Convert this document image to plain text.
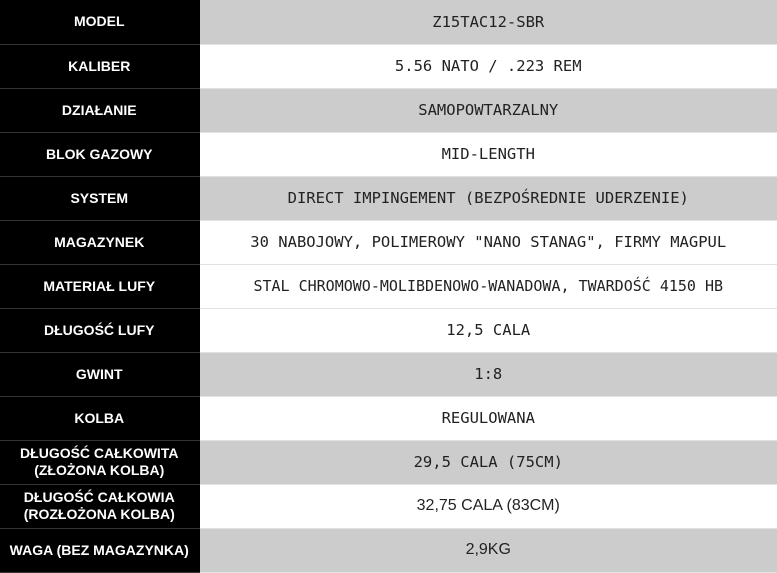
MODEL	Z15TAC12-SBR
KALIBER	5.56 NATO / .223 REM
DZIAŁANIE	SAMOPOWTARZALNY
BLOK GAZOWY	MID-LENGTH
SYSTEM	DIRECT IMPINGEMENT (BEZPOŚREDNIE UDERZENIE)
MAGAZYNEK	30 NABOJOWY, POLIMEROWY "NANO STANAG", FIRMY MAGPUL
MATERIAŁ LUFY	STAL CHROMOWO-MOLIBDENOWO-WANADOWA, TWARDOŚĆ 4150 HB
DŁUGOŚĆ LUFY	12,5 CALA
GWINT	1:8
KOLBA	REGULOWANA

DŁUGOŚĆ CAŁKOWITA
(ZŁOŻONA KOLBA)	29,5 CALA (75CM)

DŁUGOŚĆ CAŁKOWIA
(ROZŁOŻONA KOLBA)	32,75 CALA (83CM)
WAGA (BEZ MAGAZYNKA)	2,9KG
